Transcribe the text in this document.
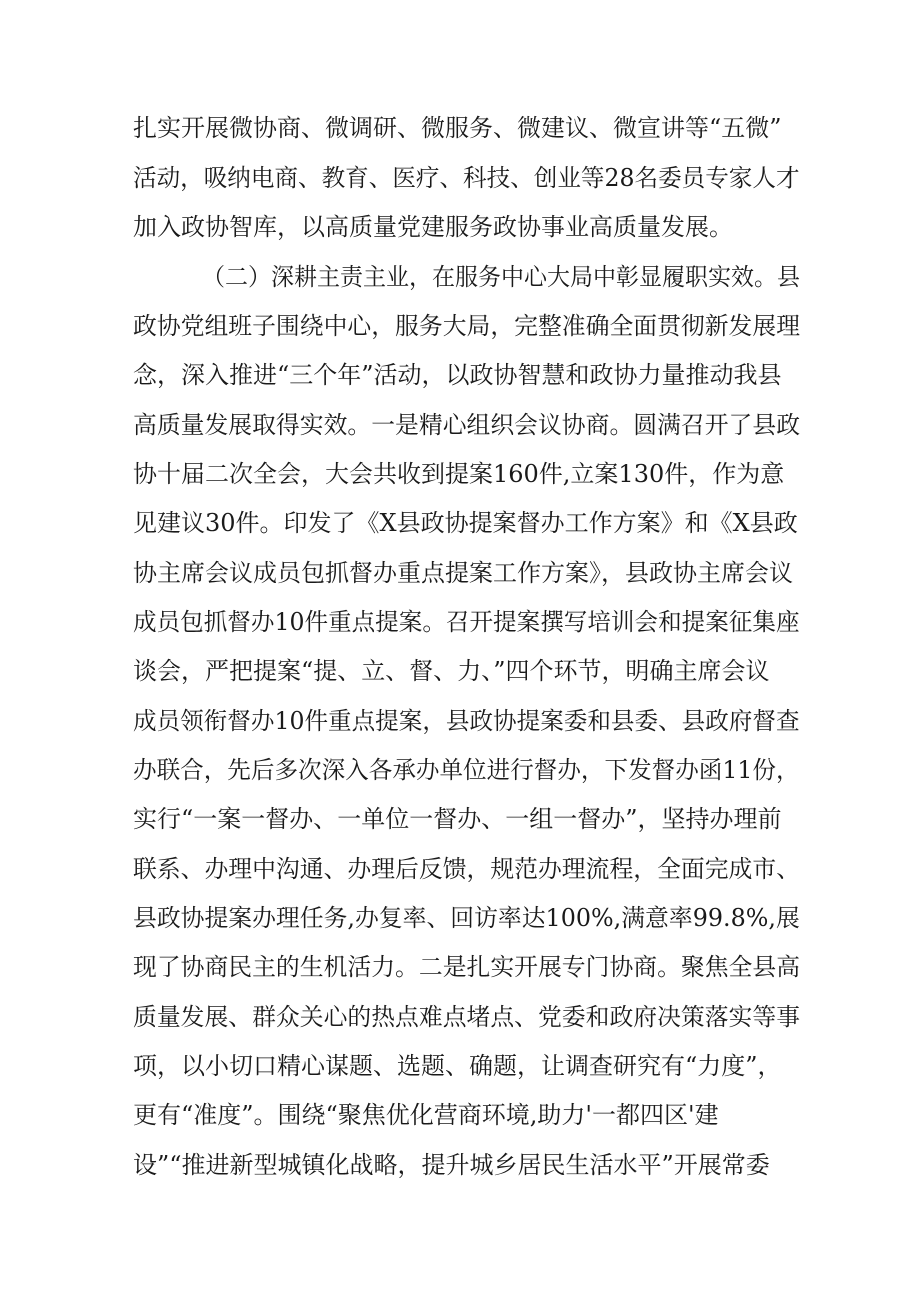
扎实开展微协商、微调研、微服务、微建议、微宣讲等“五微”
活动，吸纳电商、教育、医疗、科技、创业等28名委员专家人才
加入政协智库，以高质量党建服务政协事业高质量发展。
（二）深耕主责主业，在服务中心大局中彰显履职实效。县
政协党组班子围绕中心，服务大局，完整准确全面贯彻新发展理
念，深入推进“三个年”活动，以政协智慧和政协力量推动我县
高质量发展取得实效。一是精心组织会议协商。圆满召开了县政
协十届二次全会，大会共收到提案160件,立案130件，作为意
见建议30件。印发了《X县政协提案督办工作方案》和《X县政
协主席会议成员包抓督办重点提案工作方案》，县政协主席会议
成员包抓督办10件重点提案。召开提案撰写培训会和提案征集座
谈会，严把提案“提、立、督、力、”四个环节，明确主席会议
成员领衔督办10件重点提案，县政协提案委和县委、县政府督查
办联合，先后多次深入各承办单位进行督办，下发督办函11份，
实行“一案一督办、一单位一督办、一组一督办”，坚持办理前
联系、办理中沟通、办理后反馈，规范办理流程，全面完成市、
县政协提案办理任务,办复率、回访率达100%,满意率99.8%,展
现了协商民主的生机活力。二是扎实开展专门协商。聚焦全县高
质量发展、群众关心的热点难点堵点、党委和政府决策落实等事
项，以小切口精心谋题、选题、确题，让调查研究有“力度”，
更有“准度”。围绕“聚焦优化营商环境,助力'一都四区'建
设”“推进新型城镇化战略，提升城乡居民生活水平”开展常委
